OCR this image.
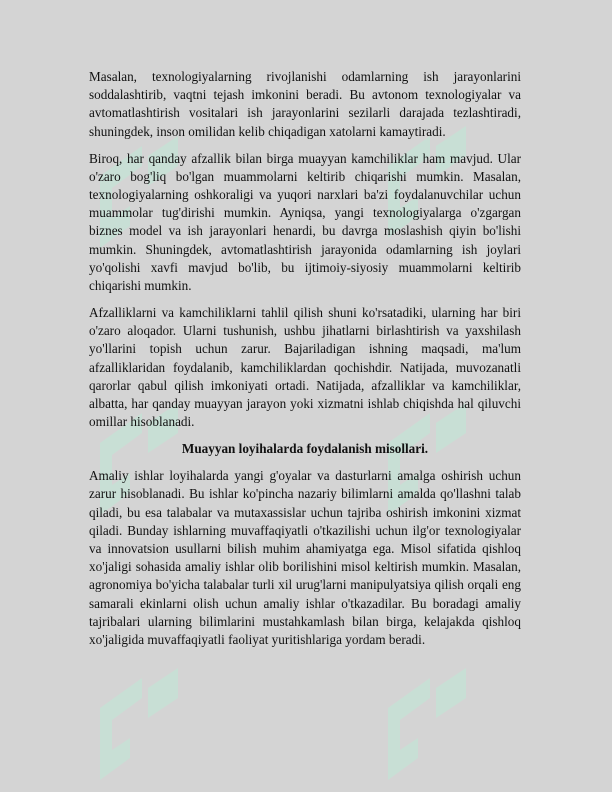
Masalan, texnologiyalarning rivojlanishi odamlarning ish jarayonlarini soddalashtirib, vaqtni tejash imkonini beradi. Bu avtonom texnologiyalar va avtomatlashtirish vositalari ish jarayonlarini sezilarli darajada tezlashtiradi, shuningdek, inson omilidan kelib chiqadigan xatolarni kamaytiradi.

Biroq, har qanday afzallik bilan birga muayyan kamchiliklar ham mavjud. Ular o'zaro bog'liq bo'lgan muammolarni keltirib chiqarishi mumkin. Masalan, texnologiyalarning oshkoraligi va yuqori narxlari ba'zi foydalanuvchilar uchun muammolar tug'dirishi mumkin. Ayniqsa, yangi texnologiyalarga o'zgargan biznes model va ish jarayonlari henardi, bu davrga moslashish qiyin bo'lishi mumkin. Shuningdek, avtomatlashtirish jarayonida odamlarning ish joylari yo'qolishi xavfi mavjud bo'lib, bu ijtimoiy-siyosiy muammolarni keltirib chiqarishi mumkin.

Afzalliklarni va kamchiliklarni tahlil qilish shuni ko'rsatadiki, ularning har biri o'zaro aloqador. Ularni tushunish, ushbu jihatlarni birlashtirish va yaxshilash yo'llarini topish uchun zarur. Bajariladigan ishning maqsadi, ma'lum afzalliklaridan foydalanib, kamchiliklardan qochishdir. Natijada, muvozanatli qarorlar qabul qilish imkoniyati ortadi. Natijada, afzalliklar va kamchiliklar, albatta, har qanday muayyan jarayon yoki xizmatni ishlab chiqishda hal qiluvchi omillar hisoblanadi.

Muayyan loyihalarda foydalanish misollari.

Amaliy ishlar loyihalarda yangi g'oyalar va dasturlarni amalga oshirish uchun zarur hisoblanadi. Bu ishlar ko'pincha nazariy bilimlarni amalda qo'llashni talab qiladi, bu esa talabalar va mutaxassislar uchun tajriba oshirish imkonini xizmat qiladi. Bunday ishlarning muvaffaqiyatli o'tkazilishi uchun ilg'or texnologiyalar va innovatsion usullarni bilish muhim ahamiyatga ega. Misol sifatida qishloq xo'jaligi sohasida amaliy ishlar olib borilishini misol keltirish mumkin. Masalan, agronomiya bo'yicha talabalar turli xil urug'larni manipulyatsiya qilish orqali eng samarali ekinlarni olish uchun amaliy ishlar o'tkazadilar. Bu boradagi amaliy tajribalari ularning bilimlarini mustahkamlash bilan birga, kelajakda qishloq xo'jaligida muvaffaqiyatli faoliyat yuritishlariga yordam beradi.
